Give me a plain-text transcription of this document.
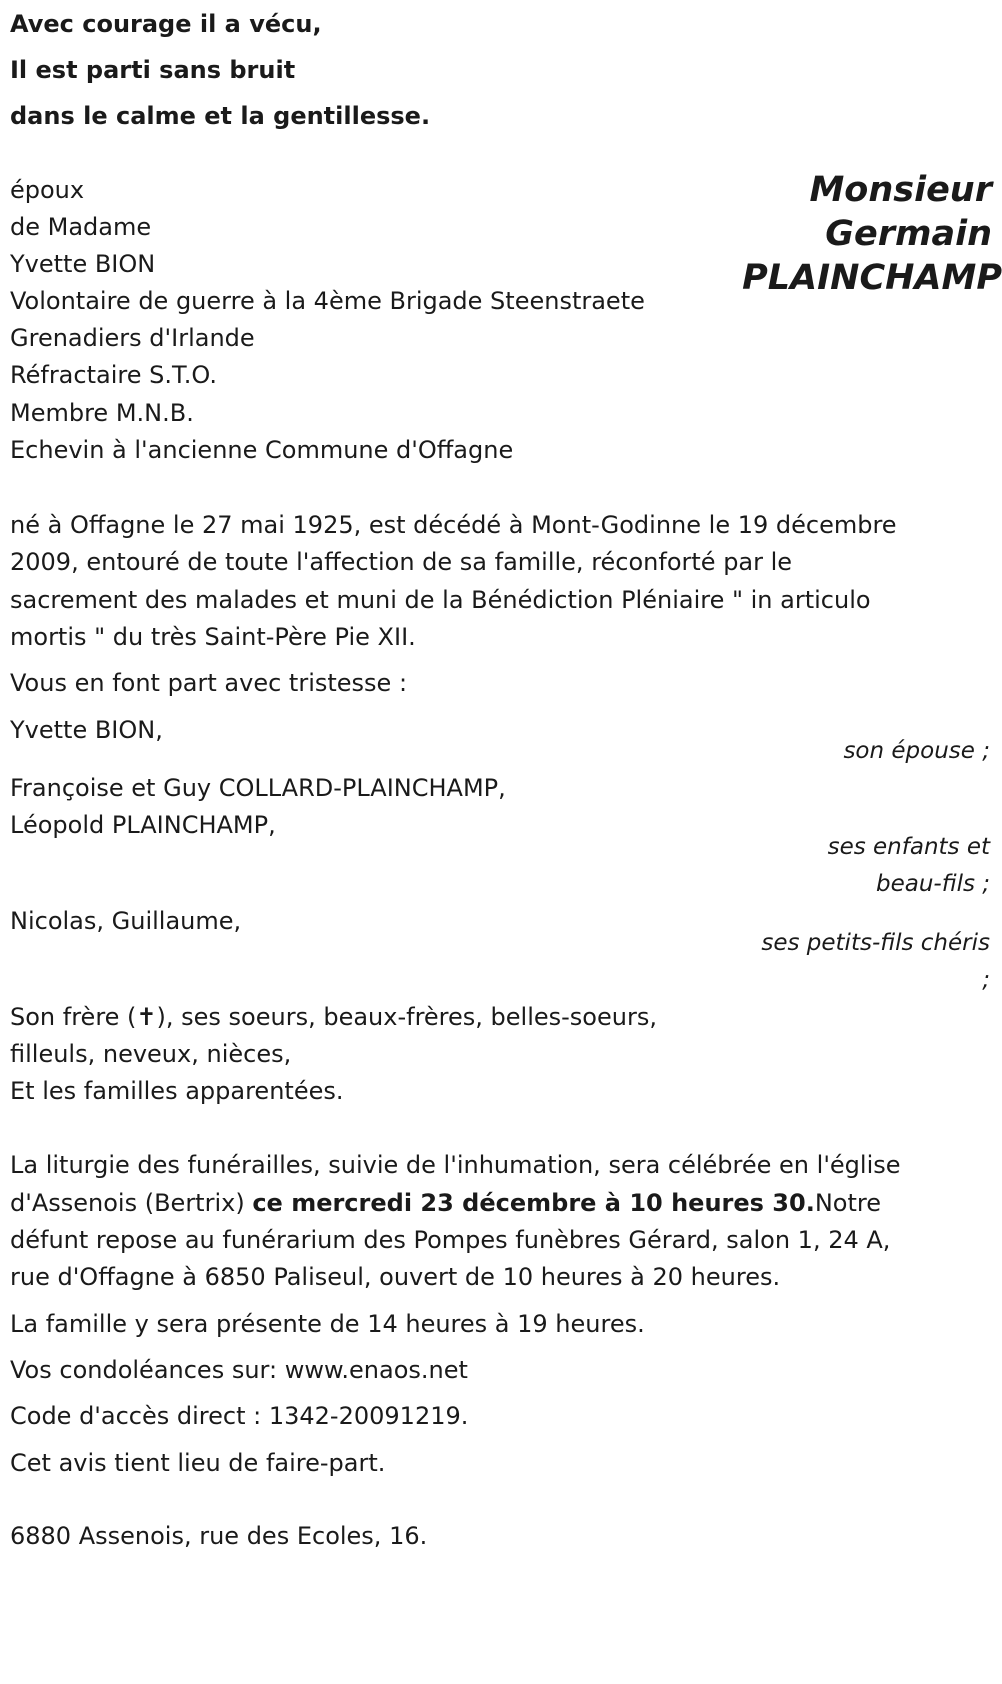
Avec courage il a vécu,
Il est parti sans bruit
dans le calme et la gentillesse.
Monsieur
Germain
PLAINCHAMP
époux
de Madame
Yvette BION
Volontaire de guerre à la 4ème Brigade Steenstraete
Grenadiers d'Irlande
Réfractaire S.T.O.
Membre M.N.B.
Echevin à l'ancienne Commune d'Offagne
né à Offagne le 27 mai 1925, est décédé à Mont-Godinne le 19 décembre
2009, entouré de toute l'affection de sa famille, réconforté par le
sacrement des malades et muni de la Bénédiction Pléniaire " in articulo
mortis " du très Saint-Père Pie XII.
Vous en font part avec tristesse :
Yvette BION,
son épouse ;
Françoise et Guy COLLARD-PLAINCHAMP,
Léopold PLAINCHAMP,
ses enfants et
beau-fils ;
Nicolas, Guillaume,
ses petits-fils chéris
;
Son frère (✝), ses soeurs, beaux-frères, belles-soeurs,
filleuls, neveux, nièces,
Et les familles apparentées.
La liturgie des funérailles, suivie de l'inhumation, sera célébrée en l'église
d'Assenois (Bertrix) ce mercredi 23 décembre à 10 heures 30.Notre
défunt repose au funérarium des Pompes funèbres Gérard, salon 1, 24 A,
rue d'Offagne à 6850 Paliseul, ouvert de 10 heures à 20 heures.
La famille y sera présente de 14 heures à 19 heures.
Vos condoléances sur: www.enaos.net
Code d'accès direct : 1342-20091219.
Cet avis tient lieu de faire-part.
6880 Assenois, rue des Ecoles, 16.
